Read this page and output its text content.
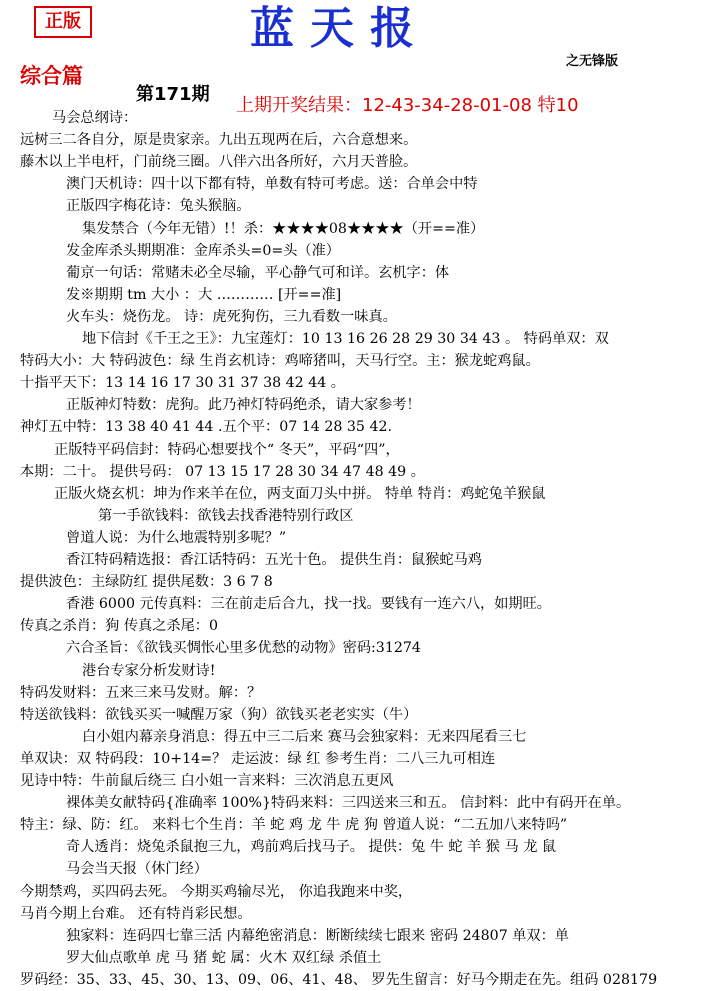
正版	蓝天报
之无锋版
综合篇
第171期
上期开奖结果：12-43-34-28-01-08 特10
马会总纲诗：
远树三二各自分，原是贵家亲。九出五现两在后，六合意想来。
藤木以上半电杆，门前绕三圈。八伴六出各所好，六月天普脸。
澳门天机诗：四十以下都有特，单数有特可考虑。送：合单会中特
正版四字梅花诗：兔头猴脑。
集发禁合（今年无错）!！杀：★★★★08★★★★（开==准）
发金库杀头期期准：金库杀头=0=头（准）
葡京一句话：常赌未必全尽输，平心静气可和详。玄机字：体
发※期期 tm 大小 ：大 ………… [开==准]
火车头：烧伤龙。 诗：虎死狗伤，三九看数一味真。
地下信封《千王之王》：九宝莲灯：10 13 16 26 28 29 30 34 43 。 特码单双：双
特码大小：大 特码波色：绿 生肖玄机诗：鸡啼猪叫，天马行空。主：猴龙蛇鸡鼠。
十指平天下：13 14 16 17 30 31 37 38 42 44 。
正版神灯特数：虎狗。此乃神灯特码绝杀，请大家参考！
神灯五中特：13 38 40 41 44 .五个平：07 14 28 35 42.
正版特平码信封：特码心想要找个“ 冬天”，平码“四”，
本期：二十。 提供号码： 07 13 15 17 28 30 34 47 48 49 。
正版火烧玄机：坤为作来羊在位，两支面刀头中拼。 特单 特肖：鸡蛇兔羊猴鼠
第一手欲钱料：欲钱去找香港特别行政区
曾道人说：为什么地震特别多呢？”
香江特码精选报：香江话特码：五光十色。 提供生肖：鼠猴蛇马鸡
提供波色：主绿防红 提供尾数：3 6 7 8
香港 6000 元传真料：三在前走后合九，找一找。要钱有一连六八，如期旺。
传真之杀肖：狗 传真之杀尾：0
六合圣旨：《欲钱买惆怅心里多优愁的动物》密码:31274
港台专家分析发财诗!
特码发财料：五来三来马发财。解：？
特送欲钱料：欲钱买买一喊醒万家（狗）欲钱买老老实实（牛）
白小姐内幕亲身消息：得五中三二后来 赛马会独家料：无来四尾看三七
单双诀：双 特码段：10+14=？ 走运波：绿 红 参考生肖：二八三九可相连
见诗中特：牛前鼠后绕三 白小姐一言来料：三次消息五更风
裸体美女献特码{准确率 100%}特码来料：三四送来三和五。 信封料：此中有码开在单。
特主：绿、防：红。 来料七个生肖：羊 蛇 鸡 龙 牛 虎 狗 曾道人说：“二五加八来特吗”
奇人透肖：烧兔杀鼠抱三九，鸡前鸡后找马子。 提供：兔 牛 蛇 羊 猴 马 龙 鼠
马会当天报（休门经）
今期禁鸡，买四码去死。 今期买鸡输尽光， 你追我跑来中奖，
马肖今期上台难。 还有特肖彩民想。
独家料：连码四七靠三活 内幕绝密消息：断断续续七跟来 密码 24807 单双：单
罗大仙点歌单 虎 马 猪 蛇 属：火木 双红绿 杀值土
罗码经：35、33、45、30、13、09、06、41、48、 罗先生留言：好马今期走在先。组码 028179
